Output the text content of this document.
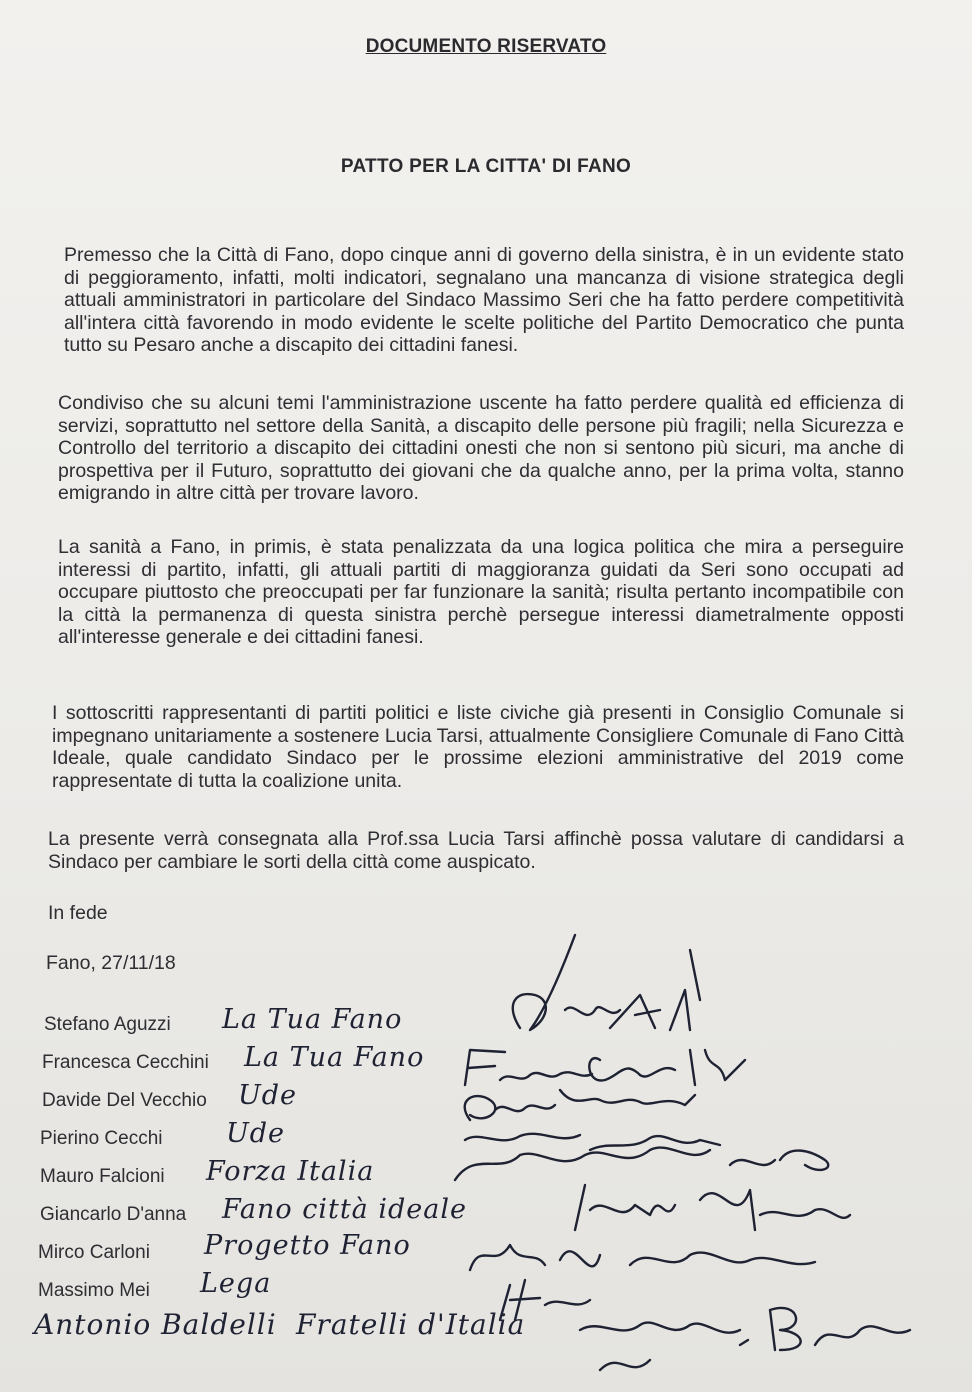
DOCUMENTO RISERVATO
PATTO PER LA CITTA' DI FANO
Premesso che la Città di Fano, dopo cinque anni di governo della sinistra, è in un evidente stato di peggioramento, infatti, molti indicatori, segnalano una mancanza di visione strategica degli attuali amministratori in particolare del Sindaco Massimo Seri che ha fatto perdere competitività all'intera città favorendo in modo evidente le scelte politiche del Partito Democratico che punta tutto su Pesaro anche a discapito dei cittadini fanesi.
Condiviso che su alcuni temi l'amministrazione uscente ha fatto perdere qualità ed efficienza di servizi, soprattutto nel settore della Sanità, a discapito delle persone più fragili; nella Sicurezza e Controllo del territorio a discapito dei cittadini onesti che non si sentono più sicuri, ma anche di prospettiva per il Futuro, soprattutto dei giovani che da qualche anno, per la prima volta, stanno emigrando in altre città per trovare lavoro.
La sanità a Fano, in primis, è stata penalizzata da una logica politica che mira a perseguire interessi di partito, infatti, gli attuali partiti di maggioranza guidati da Seri sono occupati ad occupare piuttosto che preoccupati per far funzionare la sanità; risulta pertanto incompatibile con la città la permanenza di questa sinistra perchè persegue interessi diametralmente opposti all'interesse generale e dei cittadini fanesi.
I sottoscritti rappresentanti di partiti politici e liste civiche già presenti in Consiglio Comunale si impegnano unitariamente a sostenere Lucia Tarsi, attualmente Consigliere Comunale di Fano Città Ideale, quale candidato Sindaco per le prossime elezioni amministrative del 2019 come rappresentate di tutta la coalizione unita.
La presente verrà consegnata alla Prof.ssa Lucia Tarsi affinchè possa valutare di candidarsi a Sindaco per cambiare le sorti della città come auspicato.
In fede
Fano, 27/11/18
Stefano Aguzzi La Tua Fano
Francesca Cecchini La Tua Fano
Davide Del Vecchio Ude
Pierino Cecchi Ude
Mauro Falcioni Forza Italia
Giancarlo D'anna Fano città ideale
Mirco Carloni Progetto Fano
Massimo Mei Lega
Antonio Baldelli Fratelli d'Italia
